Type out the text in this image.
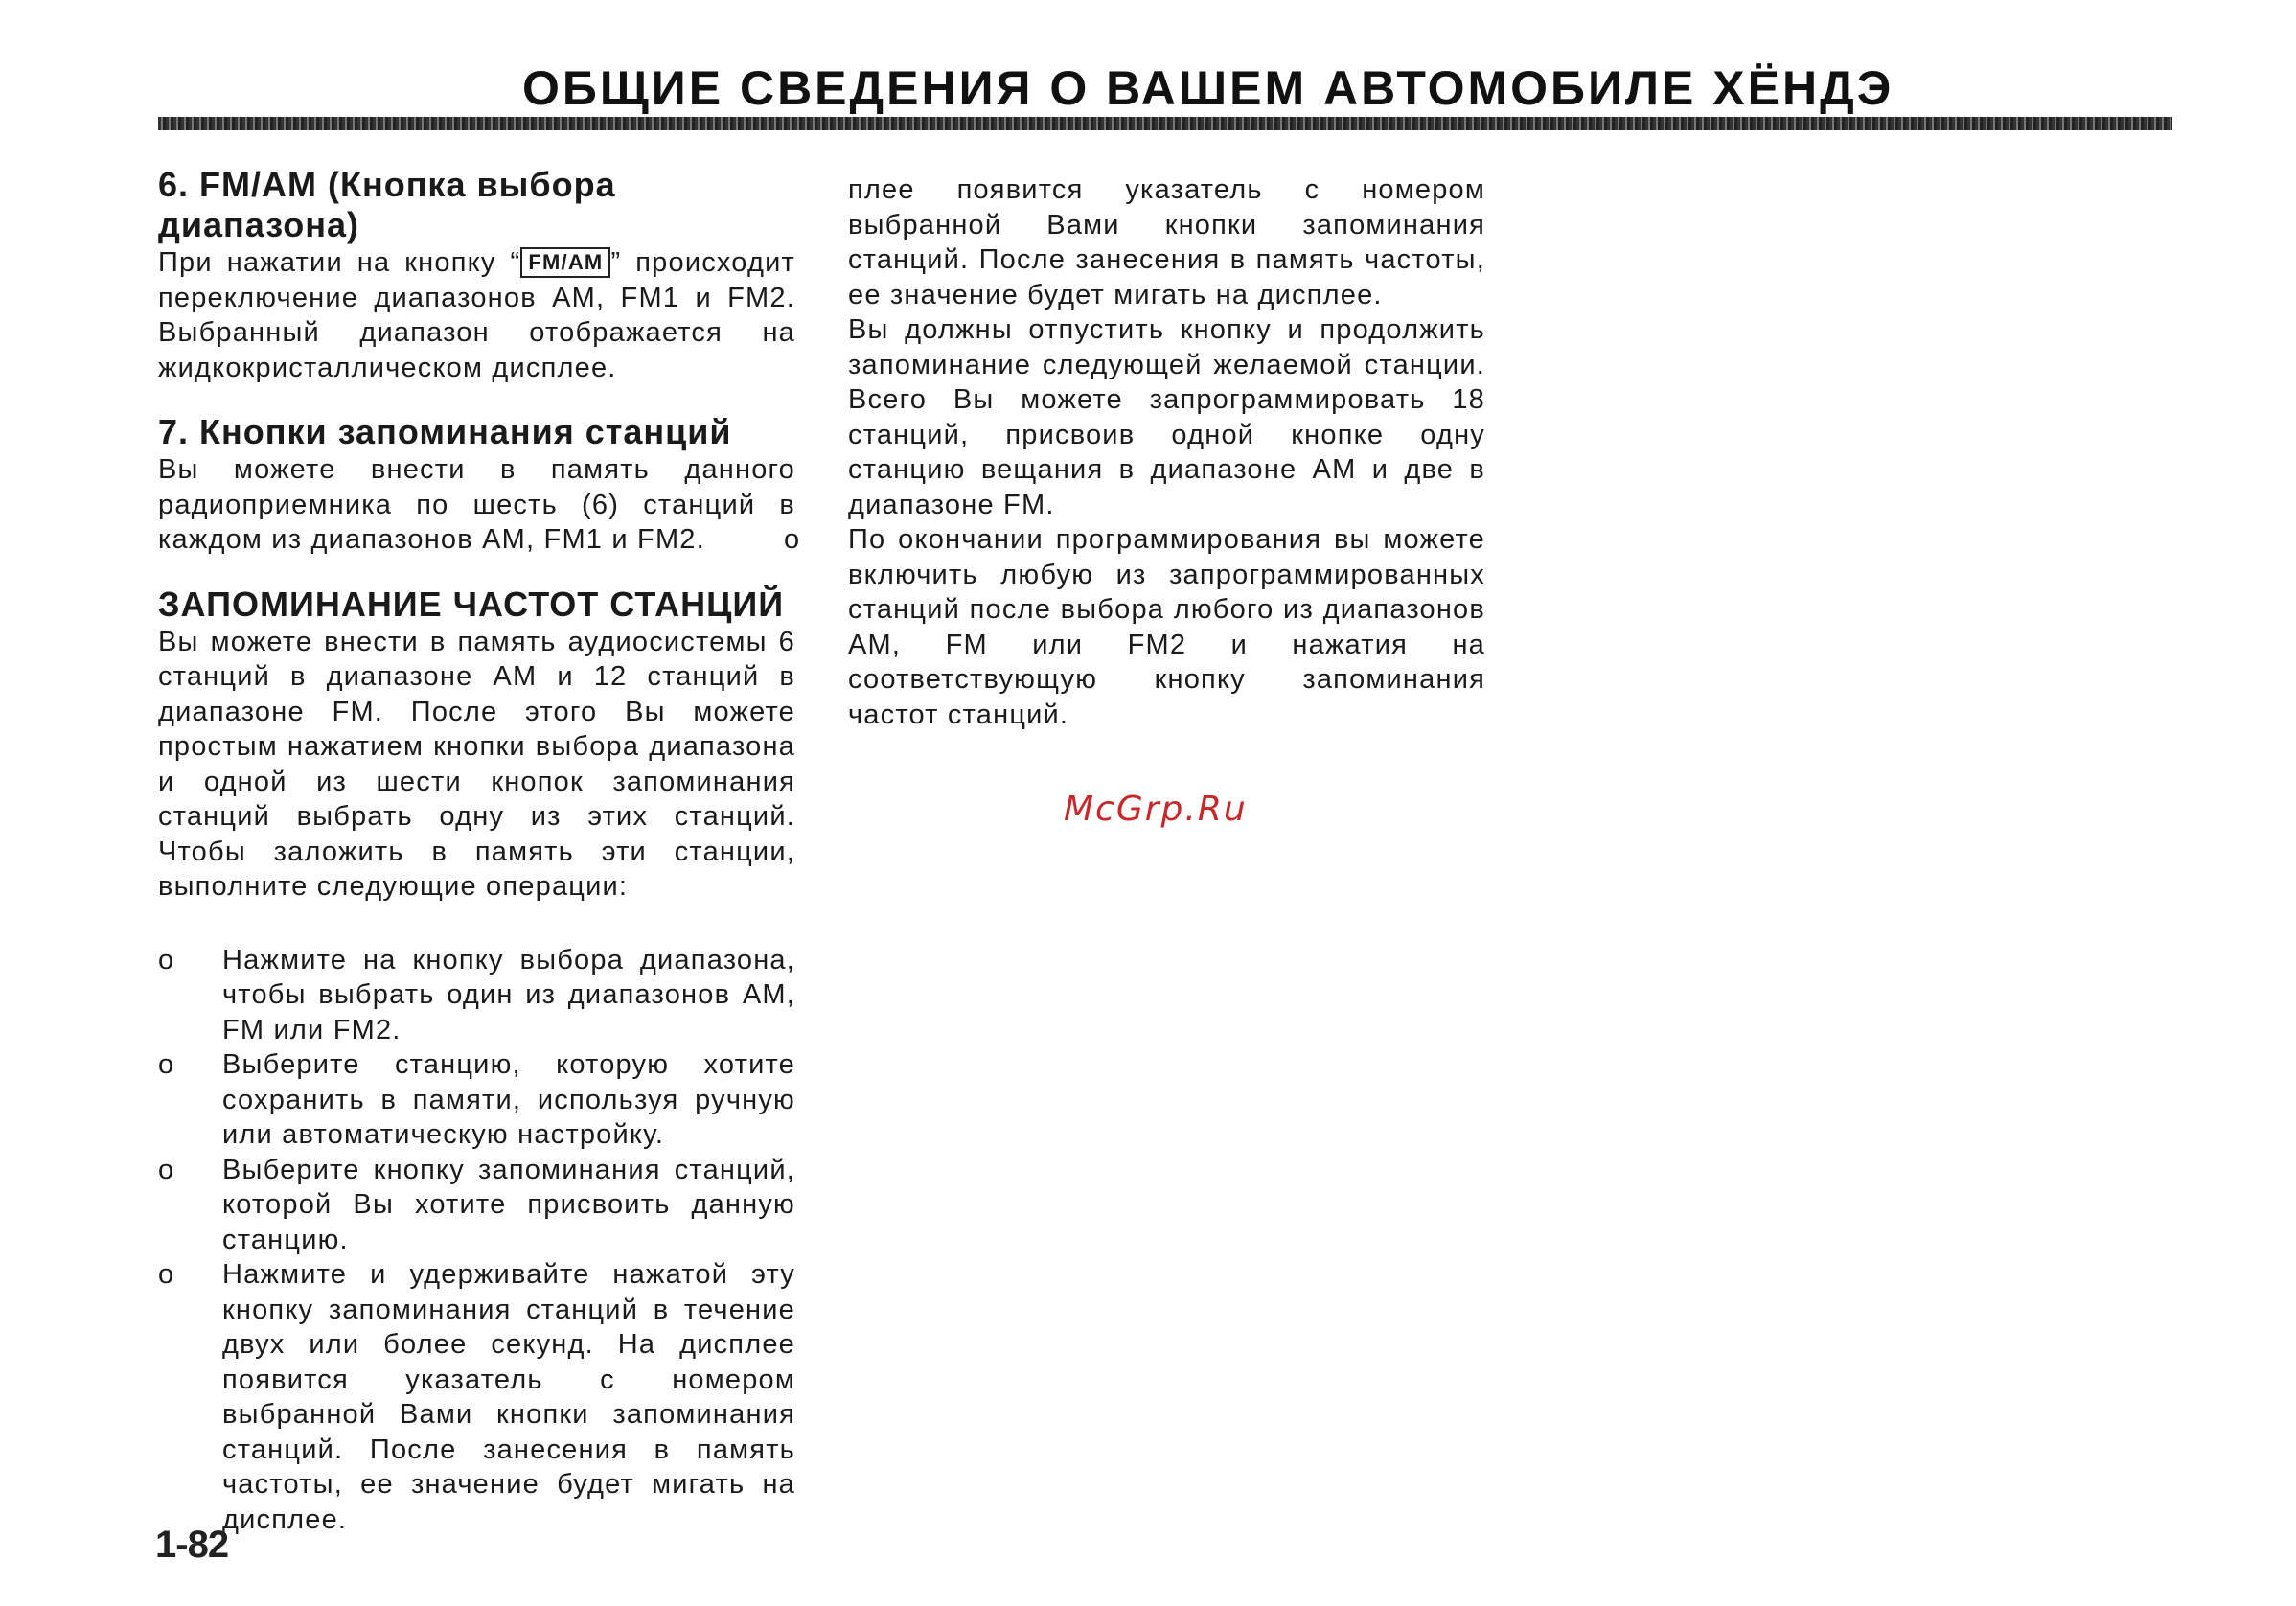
ОБЩИЕ СВЕДЕНИЯ О ВАШЕМ АВТОМОБИЛЕ ХЁНДЭ
6. FM/AM (Кнопка выбора диапазона)
При нажатии на кнопку “ FM/AM ” происходит переключение диапазонов AM, FM1 и FM2. Выбранный диапазон отображается на жидкокристаллическом дисплее.
7. Кнопки запоминания станций
Вы можете внести в память данного радиоприемника по шесть (6) станций в каждом из диапазонов AM, FM1 и FM2.
ЗАПОМИНАНИЕ ЧАСТОТ СТАНЦИЙ
Вы можете внести в память аудиосистемы 6 станций в диапазоне AM и 12 станций в диапазоне FM. После этого Вы можете простым нажатием кнопки выбора диапазона и одной из шести кнопок запоминания станций выбрать одну из этих станций. Чтобы заложить в память эти станции, выполните следующие операции:
o Нажмите на кнопку выбора диапазона, чтобы выбрать один из диапазонов AM, FM или FM2.
o Выберите станцию, которую хотите сохранить в памяти, используя ручную или автоматическую настройку.
o Выберите кнопку запоминания станций, которой Вы хотите присвоить данную станцию.
o Нажмите и удерживайте нажатой эту кнопку запоминания станций в течение двух или более секунд. На дисплее появится указатель с номером выбранной Вами кнопки запоминания станций. После занесения в память частоты, ее значение будет мигать на дисплее.
плее появится указатель с номером выбранной Вами кнопки запоминания станций. После занесения в память частоты, ее значение будет мигать на дисплее.
Вы должны отпустить кнопку и продолжить запоминание следующей желаемой станции. Всего Вы можете запрограммировать 18 станций, присвоив одной кнопке одну станцию вещания в диапазоне AM и две в диапазоне FM.
o По окончании программирования вы можете включить любую из запрограммированных станций после выбора любого из диапазонов AM, FM или FM2 и нажатия на соответствующую кнопку запоминания частот станций.
McGrp.Ru
1-82
